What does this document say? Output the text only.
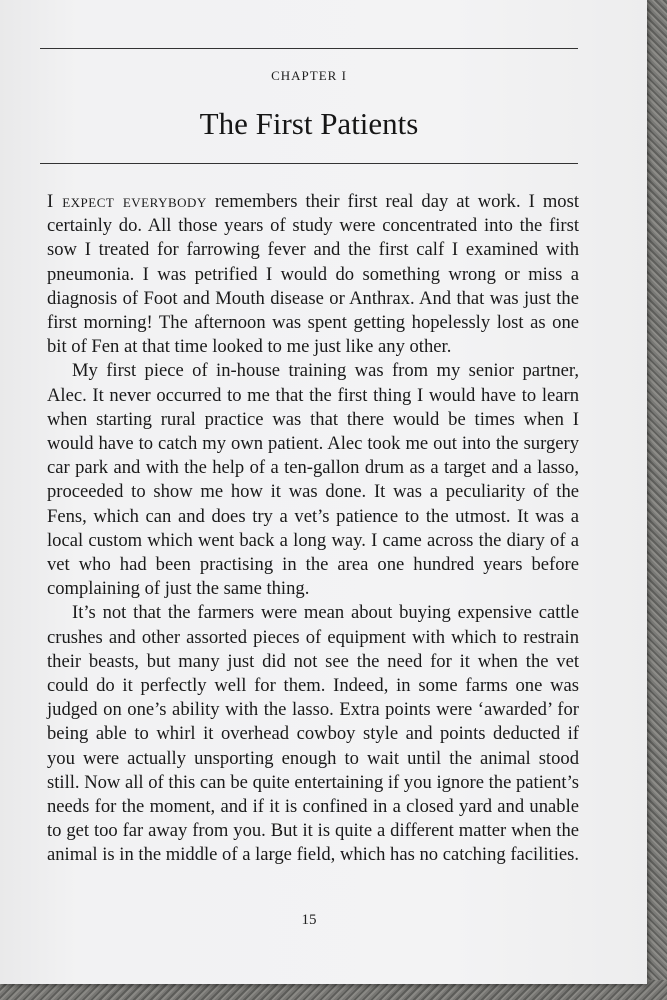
CHAPTER I
The First Patients

I expect everybody remembers their first real day at work. I most certainly do. All those years of study were concentrated into the first sow I treated for farrowing fever and the first calf I examined with pneumonia. I was petrified I would do something wrong or miss a diagnosis of Foot and Mouth disease or Anthrax. And that was just the first morning! The afternoon was spent getting hopelessly lost as one bit of Fen at that time looked to me just like any other.

My first piece of in-house training was from my senior partner, Alec. It never occurred to me that the first thing I would have to learn when starting rural practice was that there would be times when I would have to catch my own patient. Alec took me out into the surgery car park and with the help of a ten-gallon drum as a target and a lasso, proceeded to show me how it was done. It was a peculiarity of the Fens, which can and does try a vet’s patience to the utmost. It was a local custom which went back a long way. I came across the diary of a vet who had been practising in the area one hundred years before complaining of just the same thing.

It’s not that the farmers were mean about buying expensive cattle crushes and other assorted pieces of equipment with which to restrain their beasts, but many just did not see the need for it when the vet could do it perfectly well for them. Indeed, in some farms one was judged on one’s ability with the lasso. Extra points were ‘awarded’ for being able to whirl it overhead cowboy style and points deducted if you were actually unsporting enough to wait until the animal stood still. Now all of this can be quite entertaining if you ignore the patient’s needs for the moment, and if it is confined in a closed yard and unable to get too far away from you. But it is quite a different matter when the animal is in the middle of a large field, which has no catching facilities.

15
